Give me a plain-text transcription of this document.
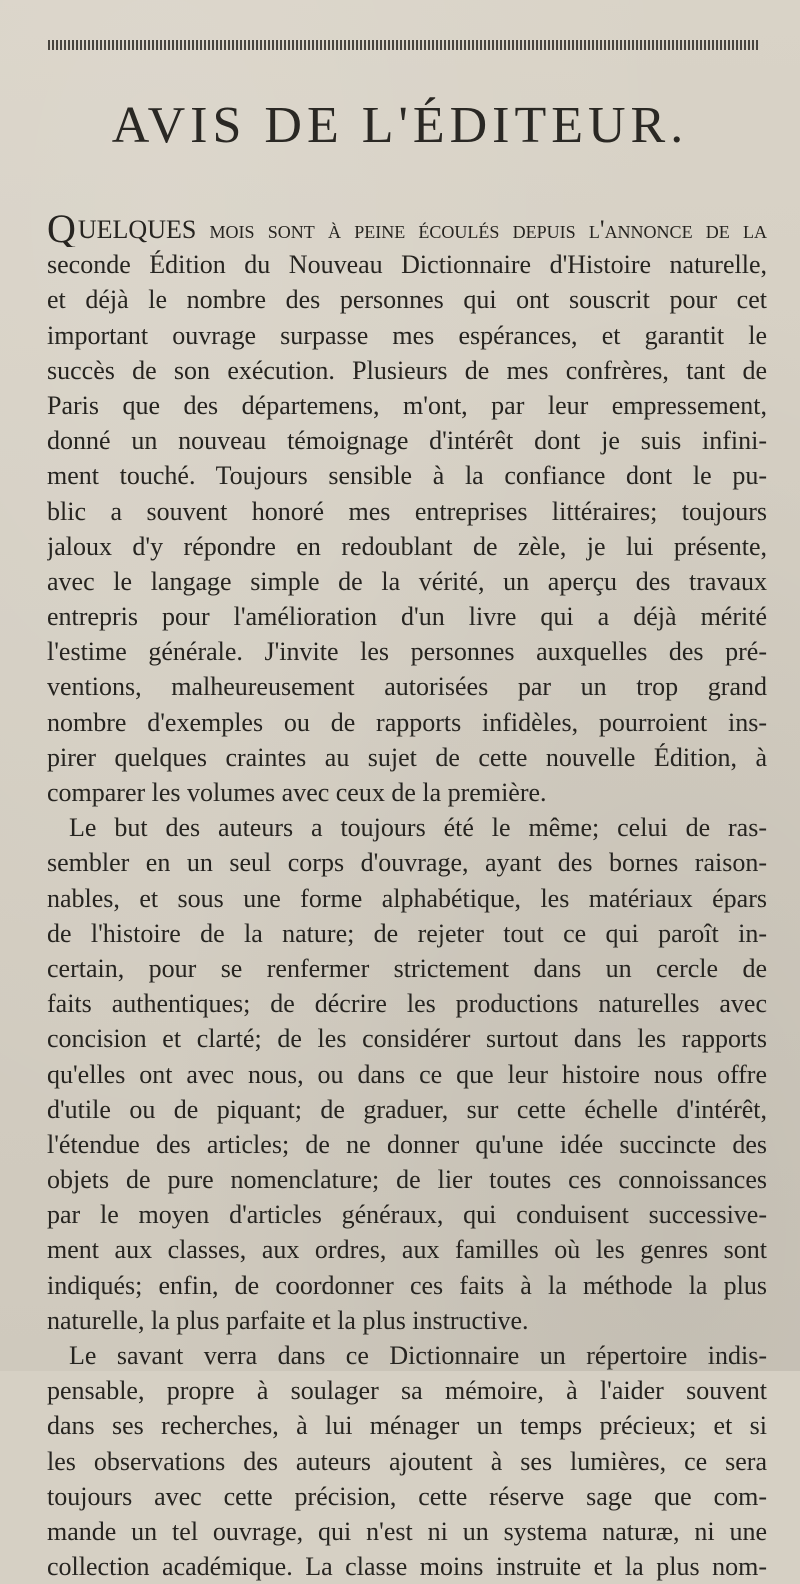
AVIS DE L'ÉDITEUR.
QUELQUES mois sont à peine écoulés depuis l'annonce de la
seconde Édition du Nouveau Dictionnaire d'Histoire naturelle,
et déjà le nombre des personnes qui ont souscrit pour cet
important ouvrage surpasse mes espérances, et garantit le
succès de son exécution. Plusieurs de mes confrères, tant de
Paris que des départemens, m'ont, par leur empressement,
donné un nouveau témoignage d'intérêt dont je suis infini-
ment touché. Toujours sensible à la confiance dont le pu-
blic a souvent honoré mes entreprises littéraires; toujours
jaloux d'y répondre en redoublant de zèle, je lui présente,
avec le langage simple de la vérité, un aperçu des travaux
entrepris pour l'amélioration d'un livre qui a déjà mérité
l'estime générale. J'invite les personnes auxquelles des pré-
ventions, malheureusement autorisées par un trop grand
nombre d'exemples ou de rapports infidèles, pourroient ins-
pirer quelques craintes au sujet de cette nouvelle Édition, à
comparer les volumes avec ceux de la première.
Le but des auteurs a toujours été le même; celui de ras-
sembler en un seul corps d'ouvrage, ayant des bornes raison-
nables, et sous une forme alphabétique, les matériaux épars
de l'histoire de la nature; de rejeter tout ce qui paroît in-
certain, pour se renfermer strictement dans un cercle de
faits authentiques; de décrire les productions naturelles avec
concision et clarté; de les considérer surtout dans les rapports
qu'elles ont avec nous, ou dans ce que leur histoire nous offre
d'utile ou de piquant; de graduer, sur cette échelle d'intérêt,
l'étendue des articles; de ne donner qu'une idée succincte des
objets de pure nomenclature; de lier toutes ces connoissances
par le moyen d'articles généraux, qui conduisent successive-
ment aux classes, aux ordres, aux familles où les genres sont
indiqués; enfin, de coordonner ces faits à la méthode la plus
naturelle, la plus parfaite et la plus instructive.
Le savant verra dans ce Dictionnaire un répertoire indis-
pensable, propre à soulager sa mémoire, à l'aider souvent
dans ses recherches, à lui ménager un temps précieux; et si
les observations des auteurs ajoutent à ses lumières, ce sera
toujours avec cette précision, cette réserve sage que com-
mande un tel ouvrage, qui n'est ni un systema naturæ, ni une
collection académique. La classe moins instruite et la plus nom-
